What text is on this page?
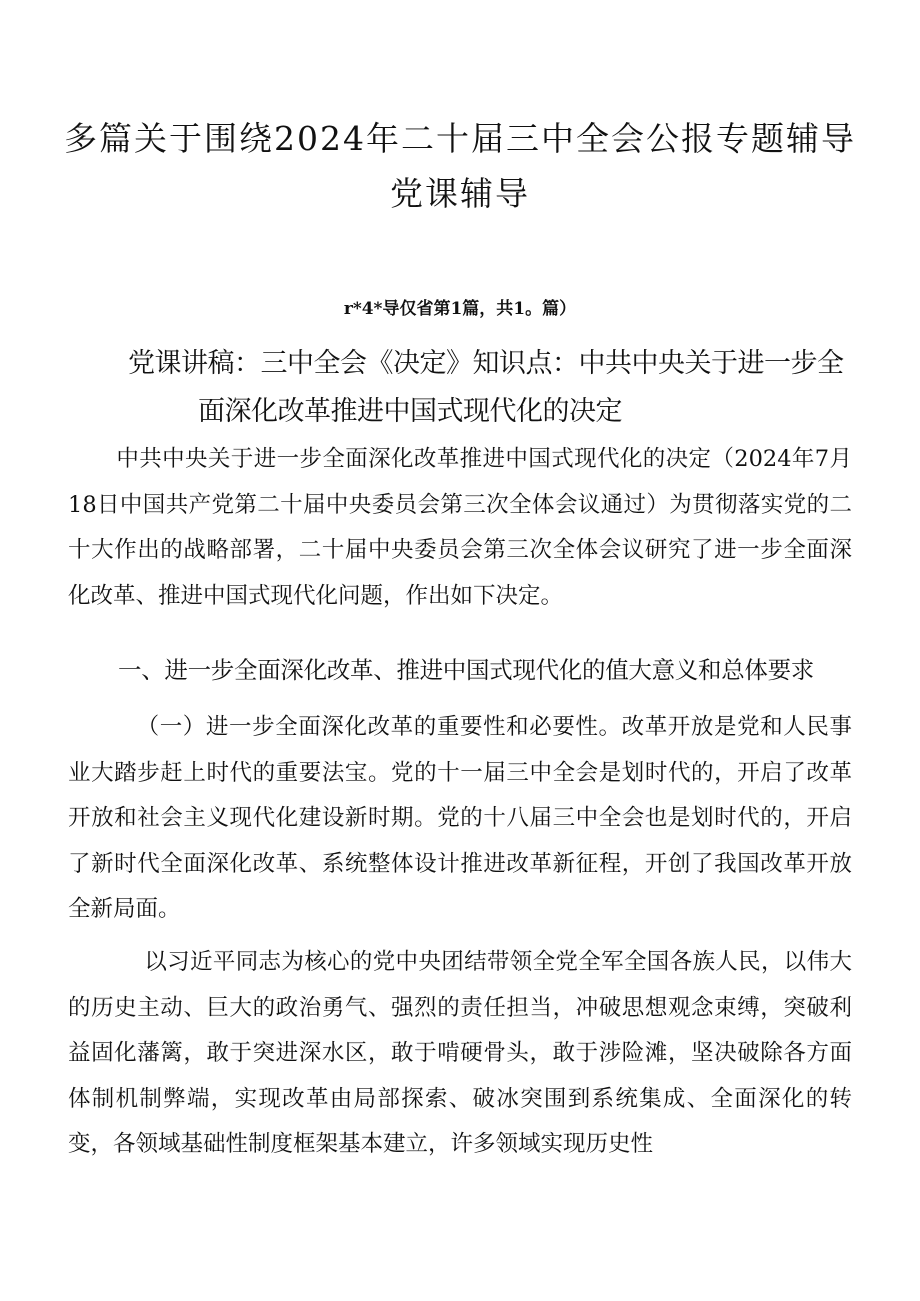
多篇关于围绕2024年二十届三中全会公报专题辅导
党课辅导
r*4*导仅省第1篇，共1。篇）
党课讲稿：三中全会《决定》知识点：中共中央关于进一步全
面深化改革推进中国式现代化的决定

中共中央关于进一步全面深化改革推进中国式现代化的决定（2024年7月18日中国共产党第二十届中央委员会第三次全体会议通过）为贯彻落实党的二十大作出的战略部署，二十届中央委员会第三次全体会议研究了进一步全面深化改革、推进中国式现代化问题，作出如下决定。

一、进一步全面深化改革、推进中国式现代化的值大意义和总体要求

（一）进一步全面深化改革的重要性和必要性。改革开放是党和人民事业大踏步赶上时代的重要法宝。党的十一届三中全会是划时代的，开启了改革开放和社会主义现代化建设新时期。党的十八届三中全会也是划时代的，开启了新时代全面深化改革、系统整体设计推进改革新征程，开创了我国改革开放全新局面。

以习近平同志为核心的党中央团结带领全党全军全国各族人民，以伟大的历史主动、巨大的政治勇气、强烈的责任担当，冲破思想观念束缚，突破利益固化藩篱，敢于突进深水区，敢于啃硬骨头，敢于涉险滩，坚决破除各方面体制机制弊端，实现改革由局部探索、破冰突围到系统集成、全面深化的转变，各领域基础性制度框架基本建立，许多领域实现历史性
